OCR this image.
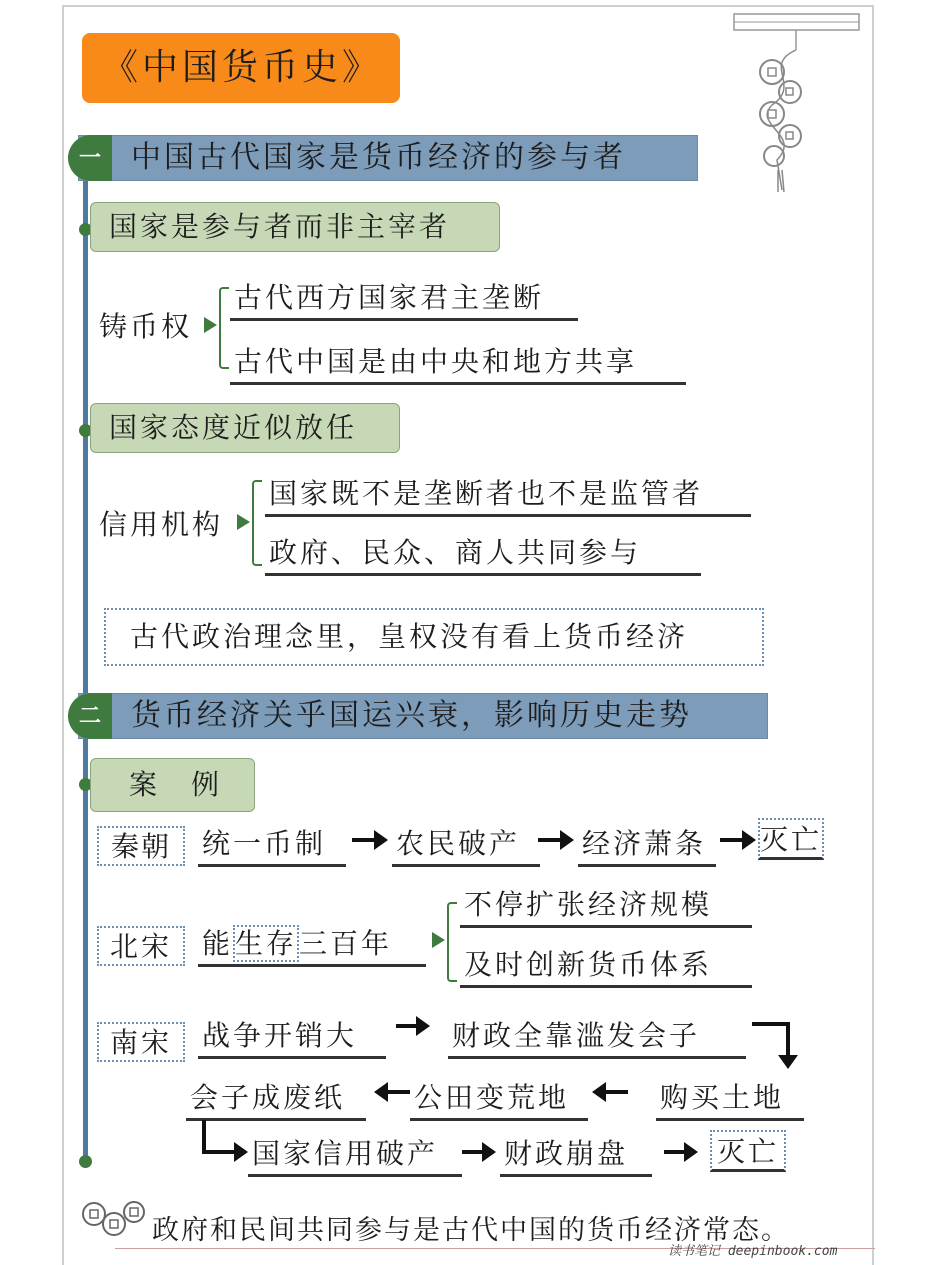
《中国货币史》
中国古代国家是货币经济的参与者
一
国家是参与者而非主宰者
铸币权
古代西方国家君主垄断
古代中国是由中央和地方共享
国家态度近似放任
信用机构
国家既不是垄断者也不是监管者
政府、民众、商人共同参与
古代政治理念里，皇权没有看上货币经济
货币经济关乎国运兴衰，影响历史走势
二
案　例
秦朝	统一币制	农民破产	经济萧条	灭亡
北宋	能生存三百年
不停扩张经济规模
及时创新货币体系
南宋	战争开销大	财政全靠滥发会子
会子成废纸	公田变荒地	购买土地
国家信用破产	财政崩盘	灭亡
政府和民间共同参与是古代中国的货币经济常态。
读书笔记 deepinbook.com
